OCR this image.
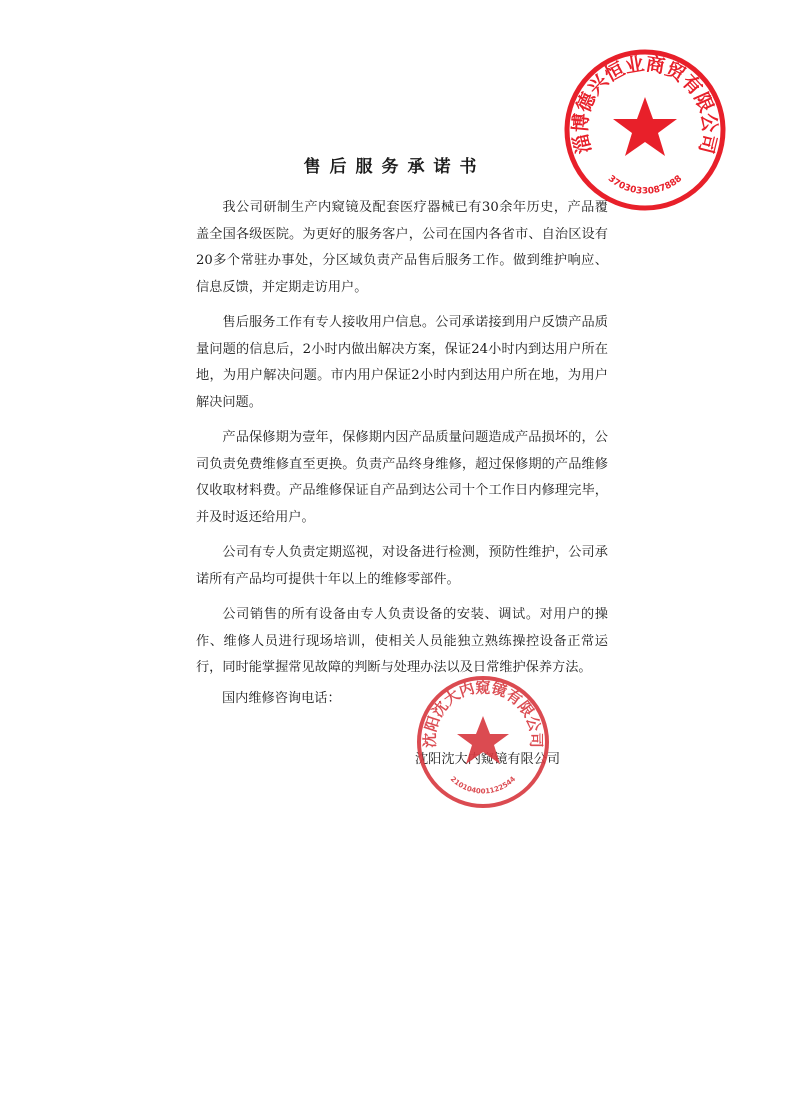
售后服务承诺书

我公司研制生产内窥镜及配套医疗器械已有30余年历史，产品覆盖全国各级医院。为更好的服务客户，公司在国内各省市、自治区设有20多个常驻办事处，分区域负责产品售后服务工作。做到维护响应、信息反馈，并定期走访用户。

售后服务工作有专人接收用户信息。公司承诺接到用户反馈产品质量问题的信息后，2小时内做出解决方案，保证24小时内到达用户所在地，为用户解决问题。市内用户保证2小时内到达用户所在地，为用户解决问题。

产品保修期为壹年，保修期内因产品质量问题造成产品损坏的，公司负责免费维修直至更换。负责产品终身维修，超过保修期的产品维修仅收取材料费。产品维修保证自产品到达公司十个工作日内修理完毕，并及时返还给用户。

公司有专人负责定期巡视，对设备进行检测，预防性维护，公司承诺所有产品均可提供十年以上的维修零部件。

公司销售的所有设备由专人负责设备的安装、调试。对用户的操作、维修人员进行现场培训，使相关人员能独立熟练操控设备正常运行，同时能掌握常见故障的判断与处理办法以及日常维护保养方法。

国内维修咨询电话：
沈阳沈大内窥镜有限公司
淄博德兴恒业商贸有限公司
3703033087888
沈阳沈大内窥镜有限公司
210104001122544
